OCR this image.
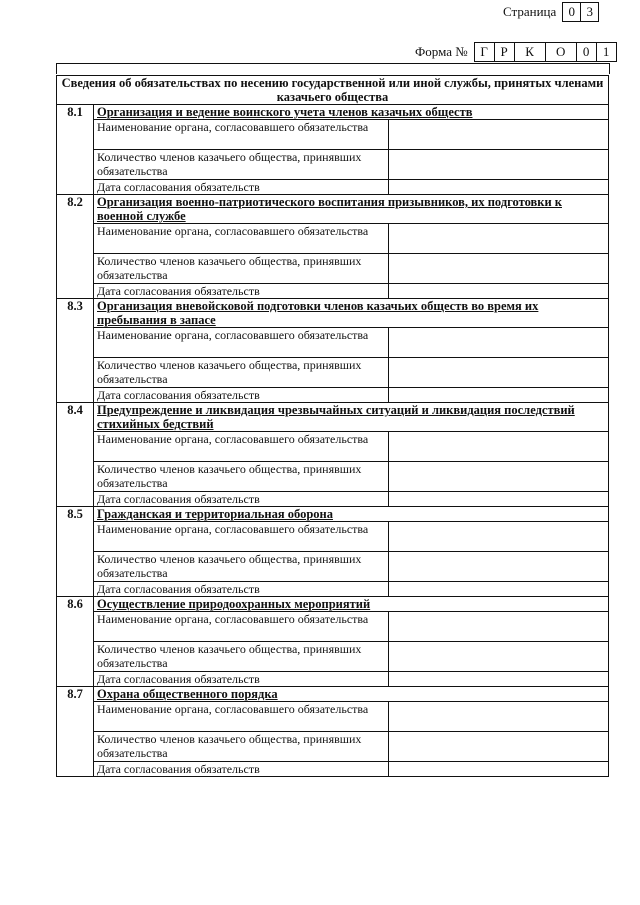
Страница 0 3
Форма № Г Р	К	О	0	1
Сведения об обязательствах по несению государственной или иной службы, принятых членами казачьего общества		
8.1	Организация и ведение воинского учета членов казачьих обществ	
	Наименование органа, согласовавшего обязательства	
	Количество членов казачьего общества, принявших обязательства	
	Дата согласования обязательств	
8.2	Организация военно-патриотического воспитания призывников, их подготовки к военной службе	
	Наименование органа, согласовавшего обязательства	
	Количество членов казачьего общества, принявших обязательства	
	Дата согласования обязательств	
8.3	Организация вневойсковой подготовки членов казачьих обществ во время их пребывания в запасе	
	Наименование органа, согласовавшего обязательства	
	Количество членов казачьего общества, принявших обязательства	
	Дата согласования обязательств	
8.4	Предупреждение и ликвидация чрезвычайных ситуаций и ликвидация последствий стихийных бедствий	
	Наименование органа, согласовавшего обязательства	
	Количество членов казачьего общества, принявших обязательства	
	Дата согласования обязательств	
8.5	Гражданская и территориальная оборона	
	Наименование органа, согласовавшего обязательства	
	Количество членов казачьего общества, принявших обязательства	
	Дата согласования обязательств	
8.6	Осуществление природоохранных мероприятий	
	Наименование органа, согласовавшего обязательства	
	Количество членов казачьего общества, принявших обязательства	
	Дата согласования обязательств	
8.7	Охрана общественного порядка	
	Наименование органа, согласовавшего обязательства	
	Количество членов казачьего общества, принявших обязательства	
	Дата согласования обязательств	
